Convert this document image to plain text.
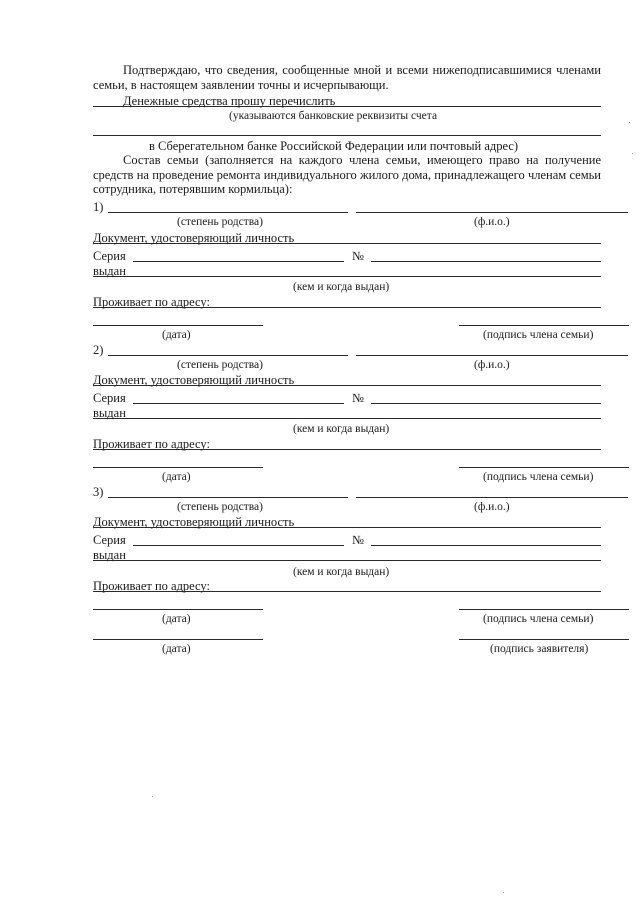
Подтверждаю, что сведения, сообщенные мной и всеми нижеподписавшимися членами семьи, в настоящем заявлении точны и исчерпывающи.
Денежные средства прошу перечислить
(указываются банковские реквизиты счета
в Сберегательном банке Российской Федерации или почтовый адрес)
Состав семьи (заполняется на каждого члена семьи, имеющего право на получение средств на проведение ремонта индивидуального жилого дома, принадлежащего членам семьи сотрудника, потерявшим кормильца):
1)
(степень родства)	(ф.и.о.)
Документ, удостоверяющий личность
Серия	№
выдан
(кем и когда выдан)
Проживает по адресу:
(дата)	(подпись члена семьи)
2)
(степень родства)	(ф.и.о.)
Документ, удостоверяющий личность
Серия	№
выдан
(кем и когда выдан)
Проживает по адресу:
(дата)	(подпись члена семьи)
3)
(степень родства)	(ф.и.о.)
Документ, удостоверяющий личность
Серия	№
выдан
(кем и когда выдан)
Проживает по адресу:
(дата)	(подпись члена семьи)
(дата)	(подпись заявителя)
